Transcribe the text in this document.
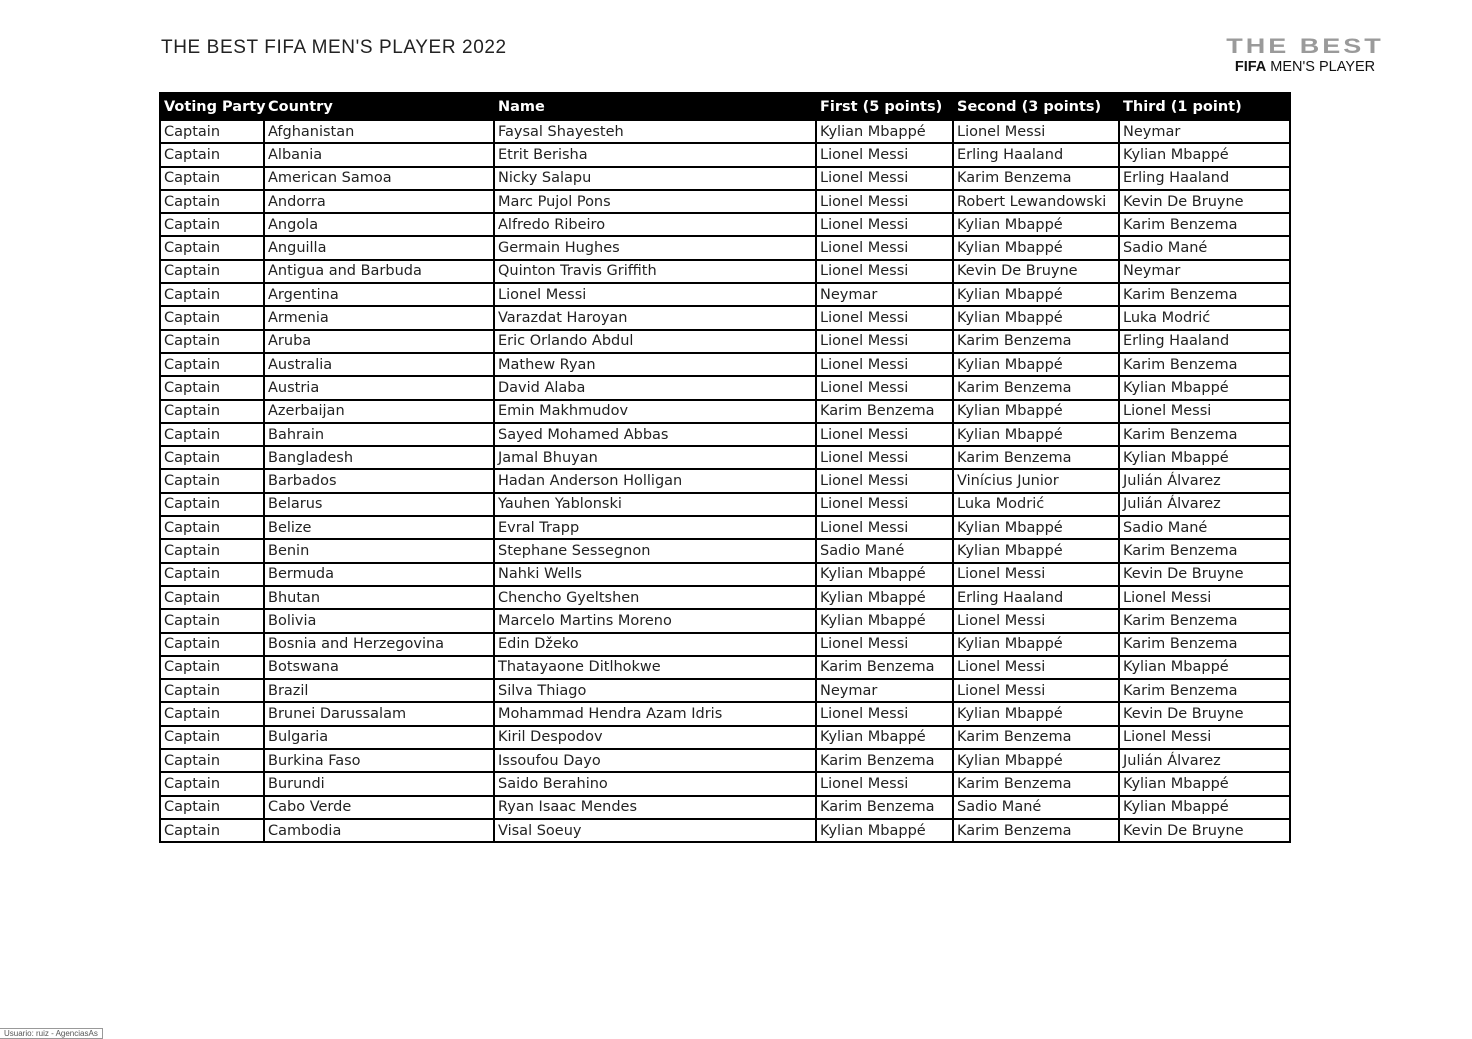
THE BEST FIFA MEN'S PLAYER 2022	THE BEST
FIFA MEN'S PLAYER
Voting Party	Country	Name	First (5 points)	Second (3 points)	Third (1 point)
Captain	Afghanistan	Faysal Shayesteh	Kylian Mbappé	Lionel Messi	Neymar
Captain	Albania	Etrit Berisha	Lionel Messi	Erling Haaland	Kylian Mbappé
Captain	American Samoa	Nicky Salapu	Lionel Messi	Karim Benzema	Erling Haaland
Captain	Andorra	Marc Pujol Pons	Lionel Messi	Robert Lewandowski	Kevin De Bruyne
Captain	Angola	Alfredo Ribeiro	Lionel Messi	Kylian Mbappé	Karim Benzema
Captain	Anguilla	Germain Hughes	Lionel Messi	Kylian Mbappé	Sadio Mané
Captain	Antigua and Barbuda	Quinton Travis Griffith	Lionel Messi	Kevin De Bruyne	Neymar
Captain	Argentina	Lionel Messi	Neymar	Kylian Mbappé	Karim Benzema
Captain	Armenia	Varazdat Haroyan	Lionel Messi	Kylian Mbappé	Luka Modrić
Captain	Aruba	Eric Orlando Abdul	Lionel Messi	Karim Benzema	Erling Haaland
Captain	Australia	Mathew Ryan	Lionel Messi	Kylian Mbappé	Karim Benzema
Captain	Austria	David Alaba	Lionel Messi	Karim Benzema	Kylian Mbappé
Captain	Azerbaijan	Emin Makhmudov	Karim Benzema	Kylian Mbappé	Lionel Messi
Captain	Bahrain	Sayed Mohamed Abbas	Lionel Messi	Kylian Mbappé	Karim Benzema
Captain	Bangladesh	Jamal Bhuyan	Lionel Messi	Karim Benzema	Kylian Mbappé
Captain	Barbados	Hadan Anderson Holligan	Lionel Messi	Vinícius Junior	Julián Álvarez
Captain	Belarus	Yauhen Yablonski	Lionel Messi	Luka Modrić	Julián Álvarez
Captain	Belize	Evral Trapp	Lionel Messi	Kylian Mbappé	Sadio Mané
Captain	Benin	Stephane Sessegnon	Sadio Mané	Kylian Mbappé	Karim Benzema
Captain	Bermuda	Nahki Wells	Kylian Mbappé	Lionel Messi	Kevin De Bruyne
Captain	Bhutan	Chencho Gyeltshen	Kylian Mbappé	Erling Haaland	Lionel Messi
Captain	Bolivia	Marcelo Martins Moreno	Kylian Mbappé	Lionel Messi	Karim Benzema
Captain	Bosnia and Herzegovina	Edin Džeko	Lionel Messi	Kylian Mbappé	Karim Benzema
Captain	Botswana	Thatayaone Ditlhokwe	Karim Benzema	Lionel Messi	Kylian Mbappé
Captain	Brazil	Silva Thiago	Neymar	Lionel Messi	Karim Benzema
Captain	Brunei Darussalam	Mohammad Hendra Azam Idris	Lionel Messi	Kylian Mbappé	Kevin De Bruyne
Captain	Bulgaria	Kiril Despodov	Kylian Mbappé	Karim Benzema	Lionel Messi
Captain	Burkina Faso	Issoufou Dayo	Karim Benzema	Kylian Mbappé	Julián Álvarez
Captain	Burundi	Saido Berahino	Lionel Messi	Karim Benzema	Kylian Mbappé
Captain	Cabo Verde	Ryan Isaac Mendes	Karim Benzema	Sadio Mané	Kylian Mbappé
Captain	Cambodia	Visal Soeuy	Kylian Mbappé	Karim Benzema	Kevin De Bruyne
Usuario: ruiz - AgenciasAs
